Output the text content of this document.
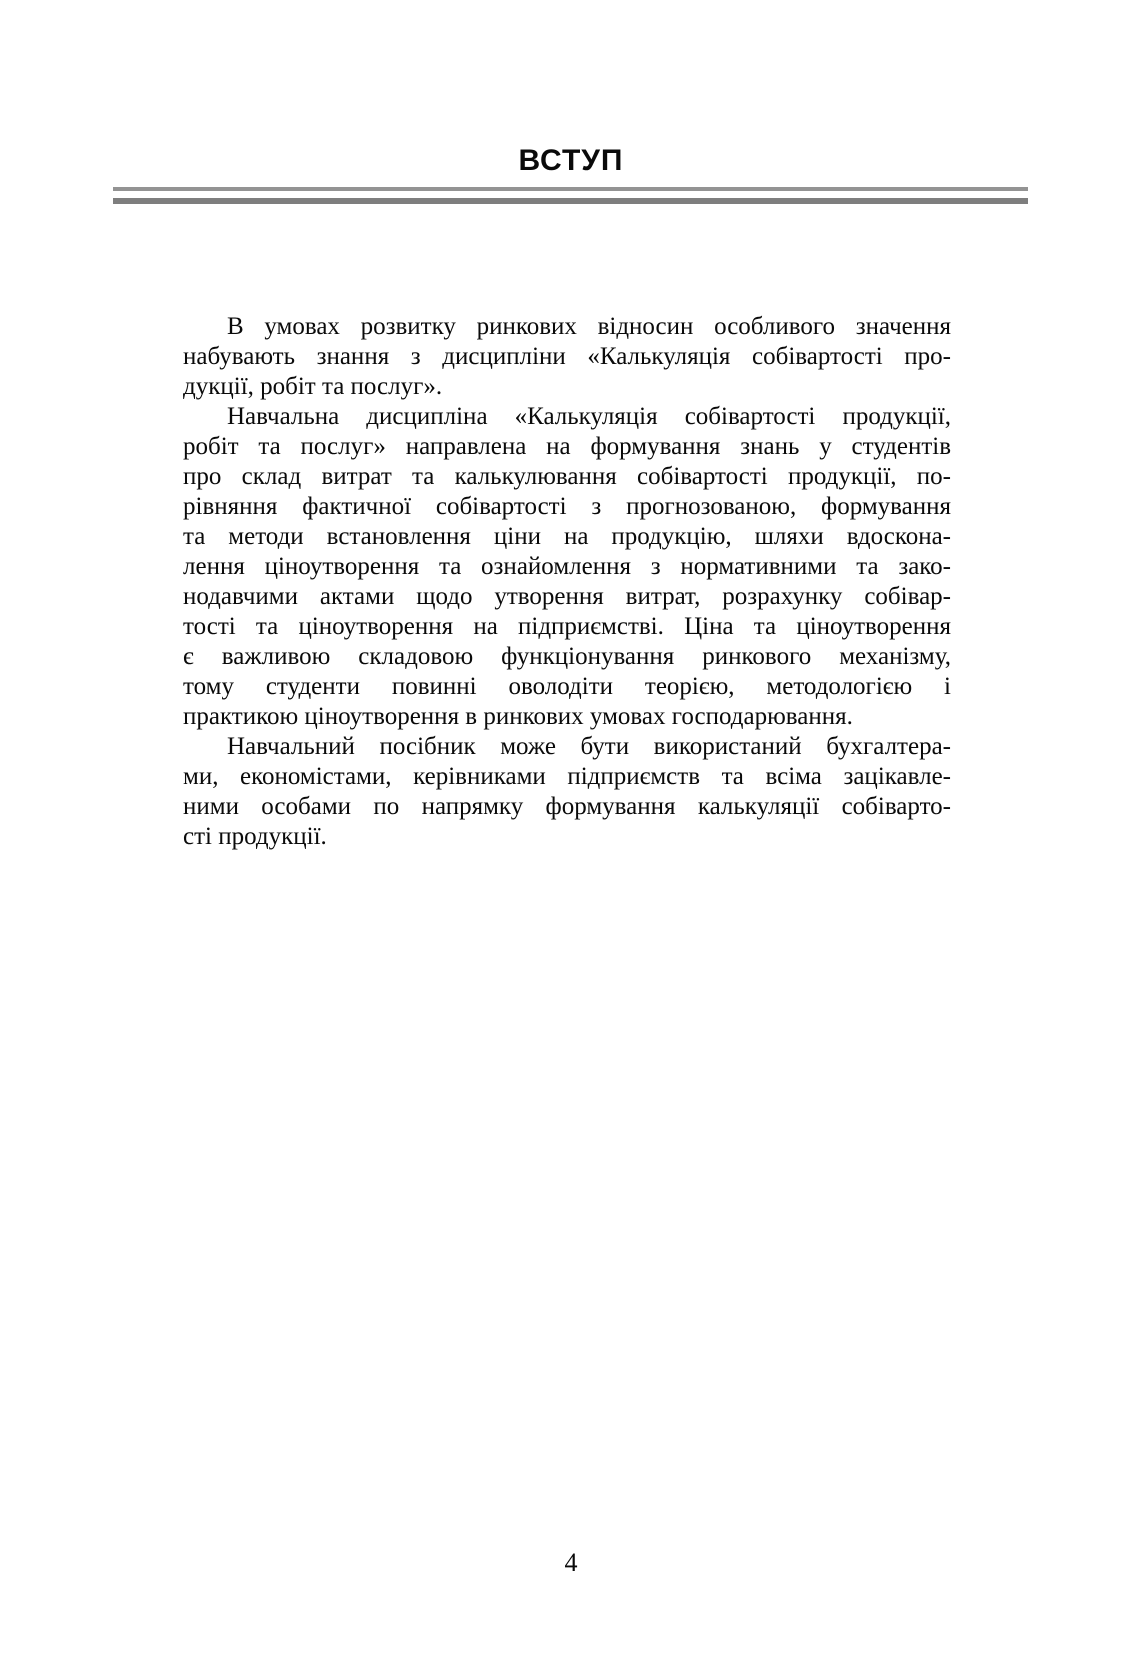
ВСТУП
В умовах розвитку ринкових відносин особливого значення
набувають знання з дисципліни «Калькуляція собівартості про-
дукції, робіт та послуг».
Навчальна дисципліна «Калькуляція собівартості продукції,
робіт та послуг» направлена на формування знань у студентів
про склад витрат та калькулювання собівартості продукції, по-
рівняння фактичної собівартості з прогнозованою, формування
та методи встановлення ціни на продукцію, шляхи вдоскона-
лення ціноутворення та ознайомлення з нормативними та зако-
нодавчими актами щодо утворення витрат, розрахунку собівар-
тості та ціноутворення на підприємстві. Ціна та ціноутворення
є важливою складовою функціонування ринкового механізму,
тому студенти повинні оволодіти теорією, методологією і
практикою ціноутворення в ринкових умовах господарювання.
Навчальний посібник може бути використаний бухгалтера-
ми, економістами, керівниками підприємств та всіма зацікавле-
ними особами по напрямку формування калькуляції собіварто-
сті продукції.
4
